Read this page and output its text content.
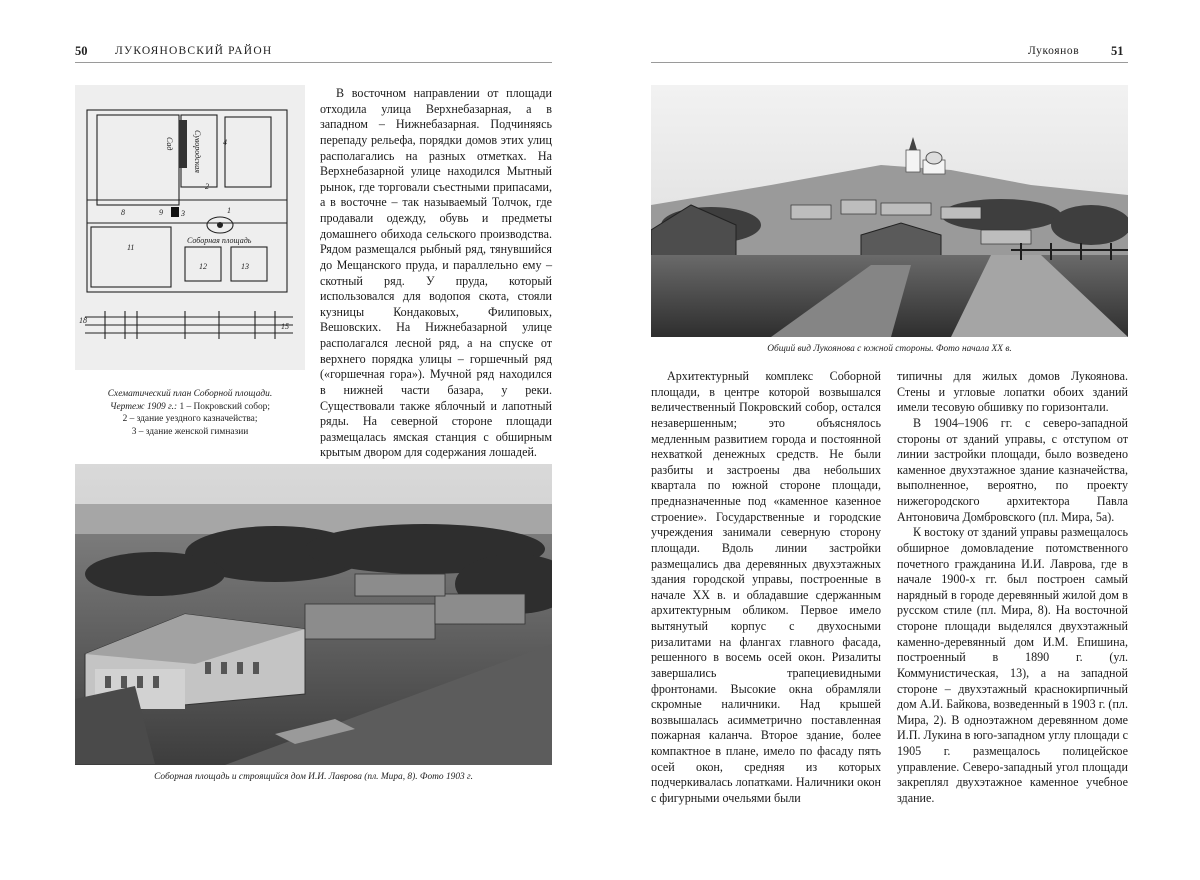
50 ЛУКОЯНОВСКИЙ РАЙОН
Сад Сувородская	4
2
3	1
Соборная площадь
12	13
11
8	9
18
15
Схематический план Соборной площади.
Чертеж 1909 г.: 1 – Покровский собор;
2 – здание уездного казначейства;
3 – здание женской гимназии

В восточном направлении от площади отходила улица Верхнебазарная, а в западном – Нижнебазарная. Подчиняясь перепаду рельефа, порядки домов этих улиц располагались на разных отметках. На Верхнебазарной улице находился Мытный рынок, где торговали съестными припасами, а в восточне – так называемый Толчок, где продавали одежду, обувь и предметы домашнего обихода сельского производства. Рядом размещался рыбный ряд, тянувшийся до Мещанского пруда, и параллельно ему – скотный ряд. У пруда, который использовался для водопоя скота, стояли кузницы Кондаковых, Филиповых, Вешовских. На Нижнебазарной улице располагался лесной ряд, а на спуске от верхнего порядка улицы – горшечный ряд («горшечная гора»). Мучной ряд находился в нижней части базара, у реки. Существовали также яблочный и лапотный ряды. На северной стороне площади размещалась ямская станция с обширным крытым двором для содержания лошадей.

Соборная площадь и строящийся дом И.И. Лаврова (пл. Мира, 8). Фото 1903 г.
Лукоянов	51
Общий вид Лукоянова с южной стороны. Фото начала XX в.

Архитектурный комплекс Соборной площади, в центре которой возвышался величественный Покровский собор, остался незавершенным; это объяснялось медленным развитием города и постоянной нехваткой денежных средств. Не были разбиты и застроены два небольших квартала по южной стороне площади, предназначенные под «каменное казенное строение». Государственные и городские учреждения занимали северную сторону площади. Вдоль линии застройки размещались два деревянных двухэтажных здания городской управы, построенные в начале XX в. и обладавшие сдержанным архитектурным обликом. Первое имело вытянутый корпус с двухосными ризалитами на флангах главного фасада, решенного в восемь осей окон. Ризалиты завершались трапециевидными фронтонами. Высокие окна обрамляли скромные наличники. Над крышей возвышалась асимметрично поставленная пожарная каланча. Второе здание, более компактное в плане, имело по фасаду пять осей окон, средняя из которых подчеркивалась лопатками. Наличники окон с фигурными очельями были

типичны для жилых домов Лукоянова. Стены и угловые лопатки обоих зданий имели тесовую обшивку по горизонтали.

В 1904–1906 гг. с северо-западной стороны от зданий управы, с отступом от линии застройки площади, было возведено каменное двухэтажное здание казначейства, выполненное, вероятно, по проекту нижегородского архитектора Павла Антоновича Домбровского (пл. Мира, 5а).

К востоку от зданий управы размещалось обширное домовладение потомственного почетного гражданина И.И. Лаврова, где в начале 1900-х гг. был построен самый нарядный в городе деревянный жилой дом в русском стиле (пл. Мира, 8). На восточной стороне площади выделялся двухэтажный каменно-деревянный дом И.М. Епишина, построенный в 1890 г. (ул. Коммунистическая, 13), а на западной стороне – двухэтажный краснокирпичный дом А.И. Байкова, возведенный в 1903 г. (пл. Мира, 2). В одноэтажном деревянном доме И.П. Лукина в юго-западном углу площади с 1905 г. размещалось полицейское управление. Северо-западный угол площади закреплял двухэтажное каменное учебное здание.
